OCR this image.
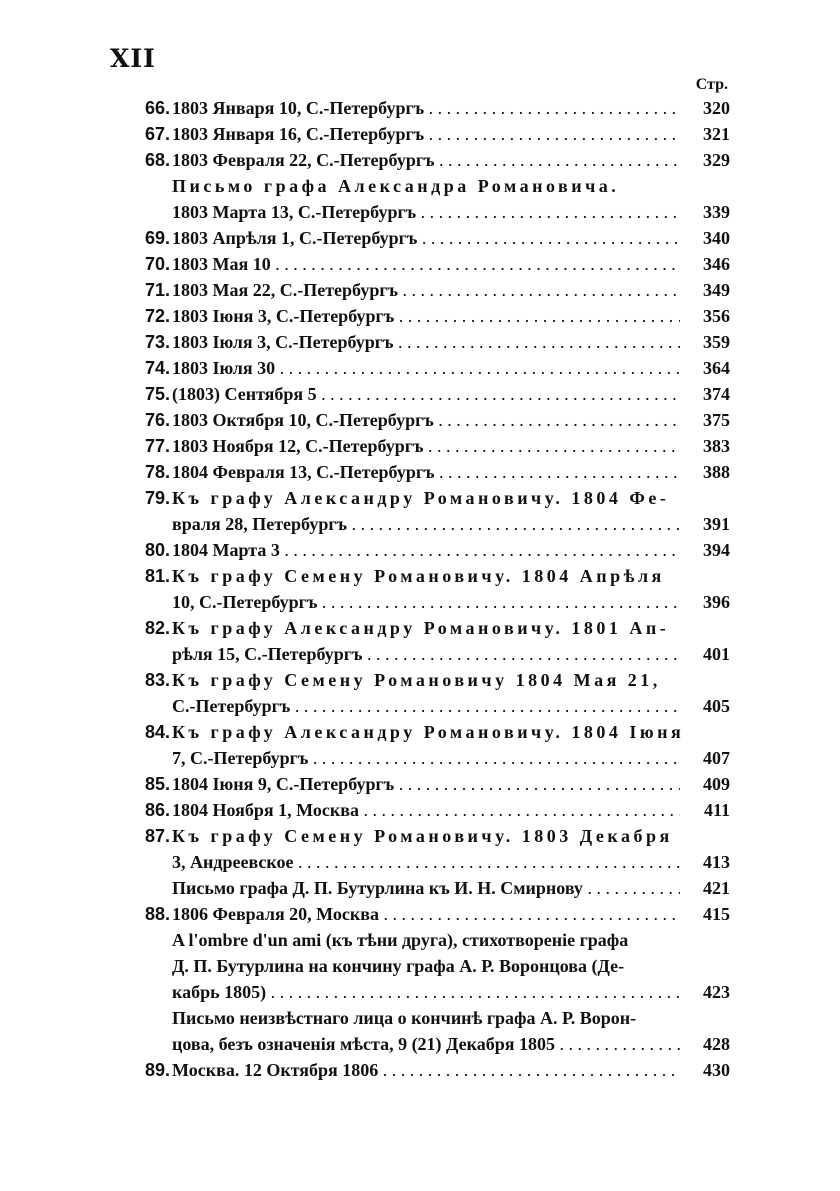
XII
Стр.
66. 1803 Января 10, С.-Петербургъ . . .	320
67. 1803 Января 16, С.-Петербургъ . . .	321
68. 1803 Февраля 22, С.-Петербургъ . . .	329
Письмо графа Александра Романовича.
1803 Марта 13, С.-Петербургъ . . .	339
69. 1803 Апрѣля 1, С.-Петербургъ . . .	340
70. 1803 Мая 10 . . .	346
71. 1803 Мая 22, С.-Петербургъ . . .	349
72. 1803 Іюня 3, С.-Петербургъ . . .	356
73. 1803 Іюля 3, С.-Петербургъ . . .	359
74. 1803 Іюля 30 . . .	364
75. (1803) Сентября 5 . . .	374
76. 1803 Октября 10, С.-Петербургъ . . .	375
77. 1803 Ноября 12, С.-Петербургъ . . .	383
78. 1804 Февраля 13, С.-Петербургъ . . .	388
79. Къ графу Александру Романовичу. 1804 Фе-
враля 28, Петербургъ . . .	391
80. 1804 Марта 3 . . .	394
81. Къ графу Семену Романовичу. 1804 Апрѣля
10, С.-Петербургъ . . .	396
82. Къ графу Александру Романовичу. 1801 Ап-
рѣля 15, С.-Петербургъ . . .	401
83. Къ графу Семену Романовичу 1804 Мая 21,
С.-Петербургъ . . .	405
84. Къ графу Александру Романовичу. 1804 Іюня
7, С.-Петербургъ . . .	407
85. 1804 Іюня 9, С.-Петербургъ . . .	409
86. 1804 Ноября 1, Москва . . .	411
87. Къ графу Семену Романовичу. 1803 Декабря
3, Андреевское . . .	413
Письмо графа Д. П. Бутурлина къ И. Н. Смирнову . . .	421
88. 1806 Февраля 20, Москва . . .	415
A l'ombre d'un ami (къ тѣни друга), стихотвореніе графа
Д. П. Бутурлина на кончину графа А. Р. Воронцова (Де-
кабрь 1805) . . .	423
Письмо неизвѣстнаго лица о кончинѣ графа А. Р. Ворон-
цова, безъ означенія мѣста, 9 (21) Декабря 1805 . . .	428
89. Москва. 12 Октября 1806 . . .	430
